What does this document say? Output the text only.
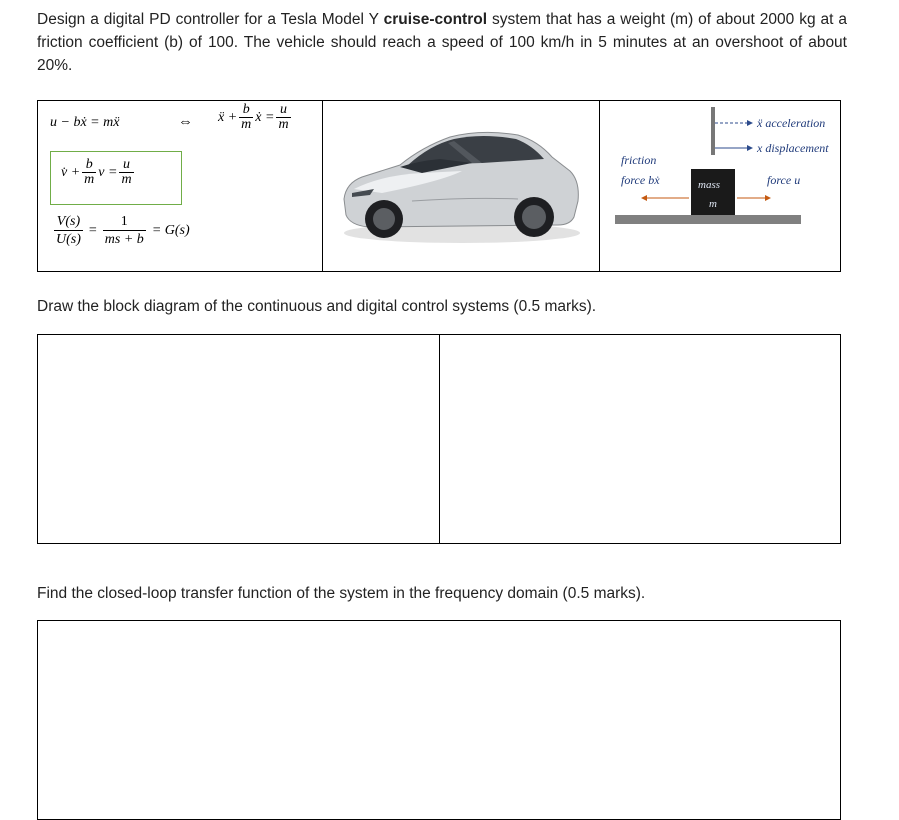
Design a digital PD controller for a Tesla Model Y cruise-control system that has a weight (m) of about 2000 kg at a friction coefficient (b) of 100. The vehicle should reach a speed of 100 km/h in 5 minutes at an overshoot of about 20%.
u − bẋ = mẍ	⇔ ẍ + $\frac{b}{m}$ ẋ = $\frac{u}{m}$
v̇ + $\frac{b}{m}$ $v = \frac{u}{m}$
$\frac{V(s)}{U(s)} = \frac{1}{ms + b} = G(s)$
ẍ acceleration
x displacement
friction
force bẋ	mass
m
force u
Draw the block diagram of the continuous and digital control systems (0.5 marks).
Find the closed-loop transfer function of the system in the frequency domain (0.5 marks).
